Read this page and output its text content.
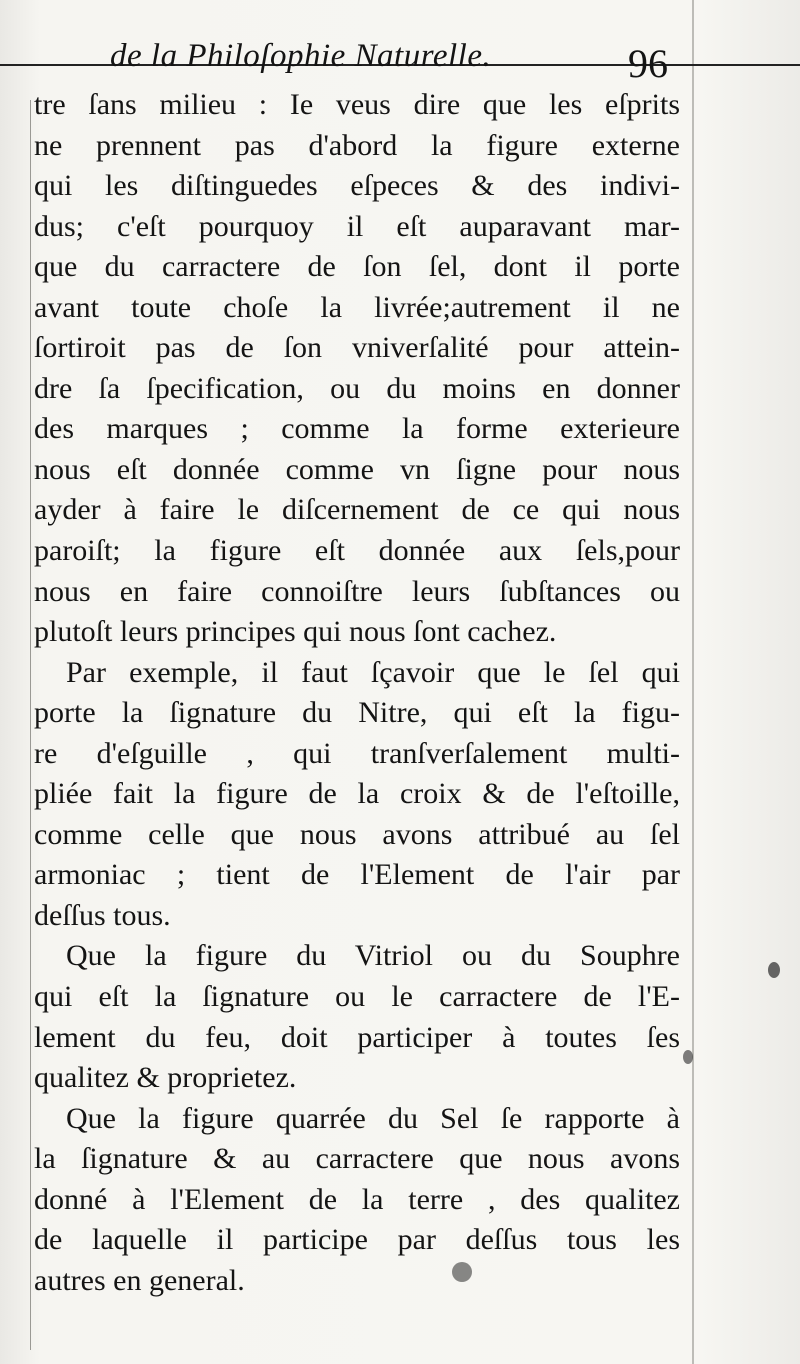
de la Philoſophie Naturelle.	96
tre ſans milieu : Ie veus dire que les eſprits
ne prennent pas d'abord la figure externe
qui les diſtinguedes eſpeces & des indivi-
dus; c'eſt pourquoy il eſt auparavant mar-
que du carractere de ſon ſel, dont il porte
avant toute choſe la livrée;autrement il ne
ſortiroit pas de ſon vniverſalité pour attein-
dre ſa ſpecification, ou du moins en donner
des marques ; comme la forme exterieure
nous eſt donnée comme vn ſigne pour nous
ayder à faire le diſcernement de ce qui nous
paroiſt; la figure eſt donnée aux ſels,pour
nous en faire connoiſtre leurs ſubſtances ou
plutoſt leurs principes qui nous ſont cachez.
Par exemple, il faut ſçavoir que le ſel qui
porte la ſignature du Nitre, qui eſt la figu-
re d'eſguille , qui tranſverſalement multi-
pliée fait la figure de la croix & de l'eſtoille,
comme celle que nous avons attribué au ſel
armoniac ; tient de l'Element de l'air par
deſſus tous.
Que la figure du Vitriol ou du Souphre
qui eſt la ſignature ou le carractere de l'E-
lement du feu, doit participer à toutes ſes
qualitez & proprietez.
Que la figure quarrée du Sel ſe rapporte à
la ſignature & au carractere que nous avons
donné à l'Element de la terre , des qualitez
de laquelle il participe par deſſus tous les
autres en general.
